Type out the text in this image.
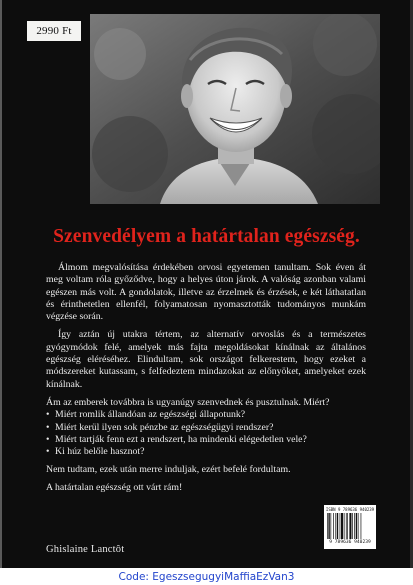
2990 Ft
Szenvedélyem a határtalan egészség.

Álmom megvalósítása érdekében orvosi egyetemen tanultam. Sok éven át meg voltam róla győződve, hogy a helyes úton járok. A valóság azonban valami egészen más volt. A gondolatok, illetve az érzelmek és érzések, e két láthatatlan és érinthetetlen ellenfél, folyamatosan nyomasztották tudományos munkám végzése során.

Így aztán új utakra tértem, az alternatív orvoslás és a természetes gyógymódok felé, amelyek más fajta megoldásokat kínálnak az általános egészség eléréséhez. Elindultam, sok országot felkerestem, hogy ezeket a módszereket kutassam, s felfedeztem mindazokat az előnyöket, amelyeket ezek kínálnak.

Ám az emberek továbbra is ugyanúgy szenvednek és pusztulnak. Miért?

• Miért romlik állandóan az egészségi állapotunk?
• Miért kerül ilyen sok pénzbe az egészségügyi rendszer?
• Miért tartják fenn ezt a rendszert, ha mindenki elégedetlen vele?
• Ki húz belőle hasznot?

Nem tudtam, ezek után merre induljak, ezért befelé fordultam.

A határtalan egészség ott várt rám!

Ghislaine Lanctôt
ISBN 9 789636 940239
9 789636 940239
Code: EgeszsegugyiMaffiaEzVan3
